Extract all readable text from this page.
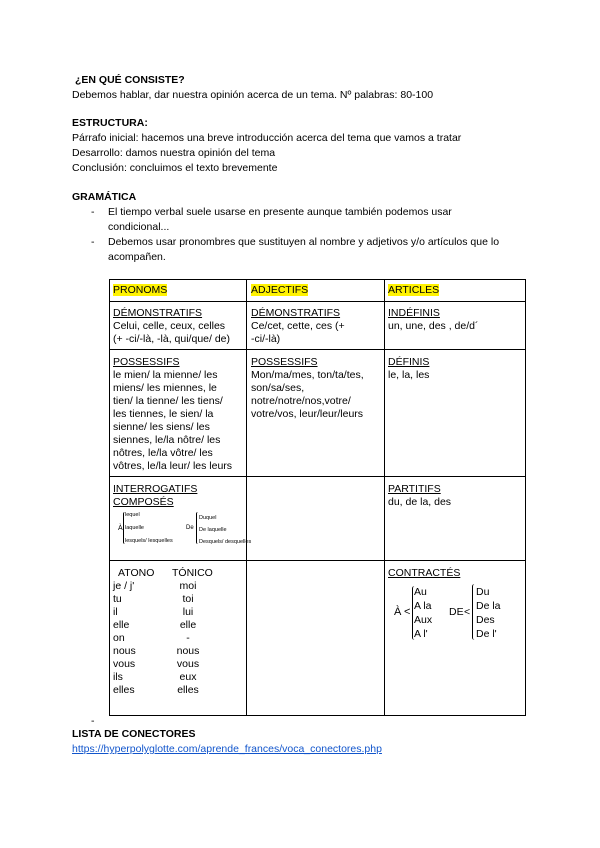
¿EN QUÉ CONSISTE?
Debemos hablar, dar nuestra opinión acerca de un tema. Nº palabras: 80-100
ESTRUCTURA:
Párrafo inicial: hacemos una breve introducción acerca del tema que vamos a tratar
Desarrollo: damos nuestra opinión del tema
Conclusión: concluimos el texto brevemente
GRAMÁTICA
- El tiempo verbal suele usarse en presente aunque también podemos usar
condicional...
- Debemos usar pronombres que sustituyen al nombre y adjetivos y/o artículos que lo
acompañen.
PRONOMS	ADJECTIFS	ARTICLES
DÉMONSTRATIFS
Celui, celle, ceux, celles
(+ -ci/-là, -là, qui/que/ de)
DÉMONSTRATIFS
Ce/cet, cette, ces (+
-ci/-là)
INDÉFINIS
un, une, des , de/d´
POSSESSIFS
le mien/ la mienne/ les
miens/ les miennes, le
tien/ la tienne/ les tiens/
les tiennes, le sien/ la
sienne/ les siens/ les
siennes, le/la nôtre/ les
nôtres, le/la vôtre/ les
vôtres, le/la leur/ les leurs
POSSESSIFS
Mon/ma/mes, ton/ta/tes,
son/sa/ses,
notre/notre/nos,votre/
votre/vos, leur/leur/leurs
DÉFINIS
le, la, les
INTERROGATIFS
COMPOSÉS
lequel
À laquelle
lesquels/ lesquelles
De
Duquel
De laquelle
Desquels/ desquelles
PARTITIFS
du, de la, des
ATONO TÓNICO
je / j'
tu
il
elle
on
nous
vous
ils
elles
moi
toi
lui
elle
-
nous
vous
eux
elles
CONTRACTÉS
À <
Au
A la
Aux
A l'
DE <
Du
De la
Des
De l'
-
LISTA DE CONECTORES
https://hyperpolyglotte.com/aprende_frances/voca_conectores.php
